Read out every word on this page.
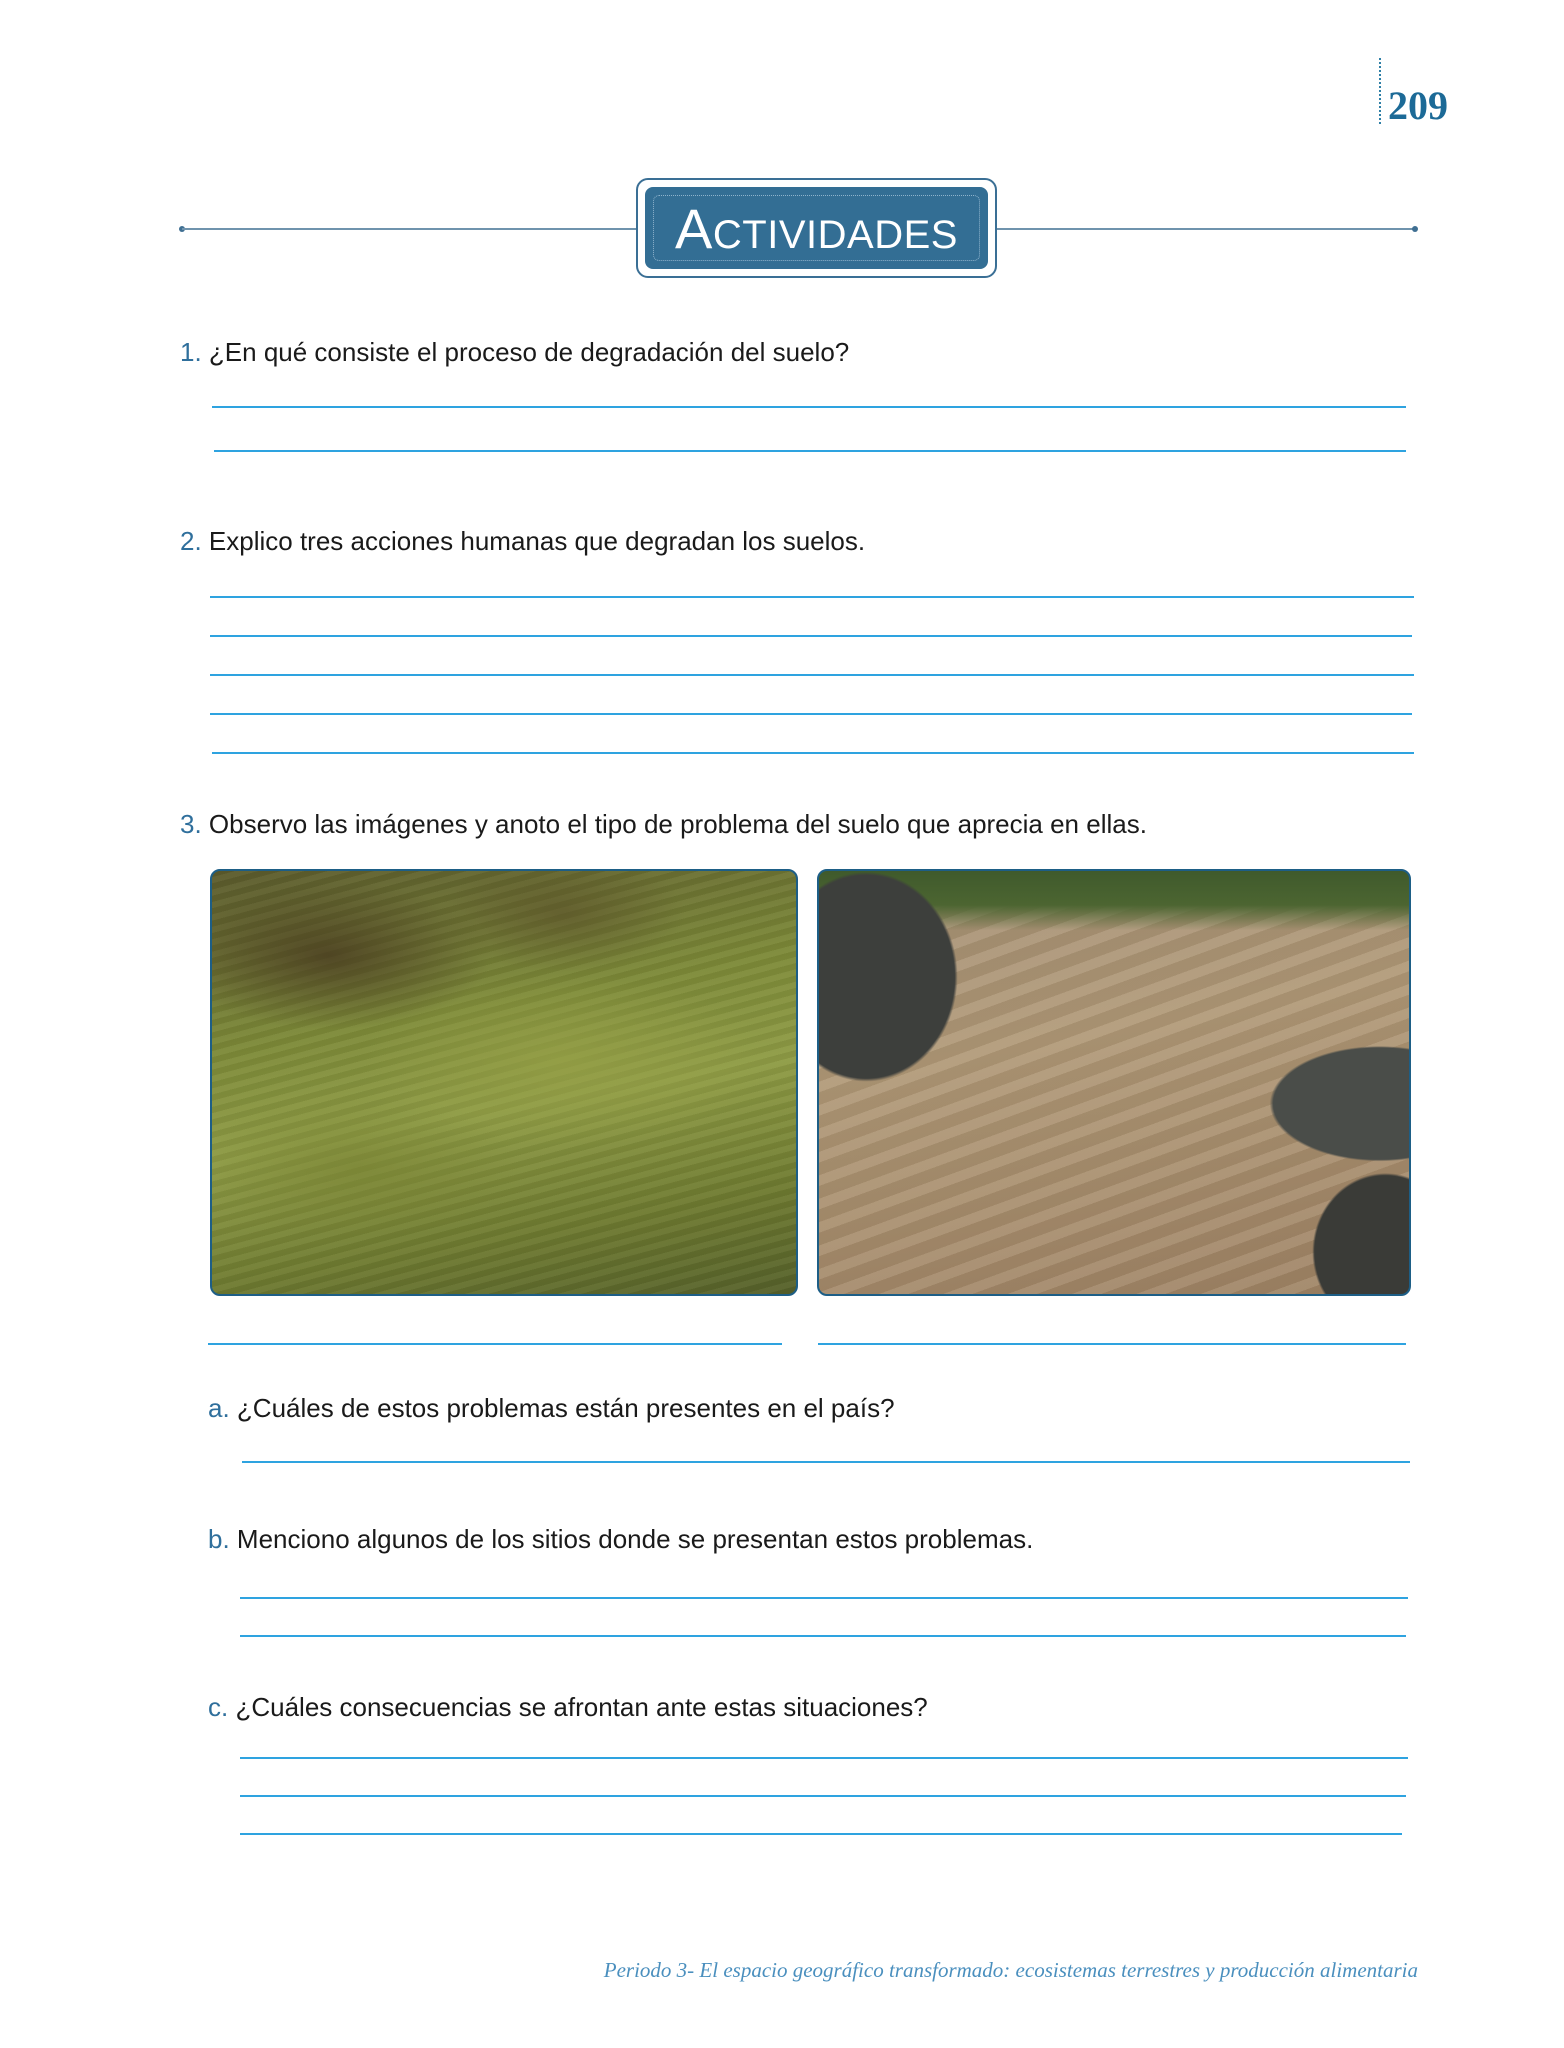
209
ACTIVIDADES
1. ¿En qué consiste el proceso de degradación del suelo?
2. Explico tres acciones humanas que degradan los suelos.
3. Observo las imágenes y anoto el tipo de problema del suelo que aprecia en ellas.
a. ¿Cuáles de estos problemas están presentes en el país?
b. Menciono algunos de los sitios donde se presentan estos problemas.
c. ¿Cuáles consecuencias se afrontan ante estas situaciones?
Periodo 3- El espacio geográfico transformado: ecosistemas terrestres y producción alimentaria
